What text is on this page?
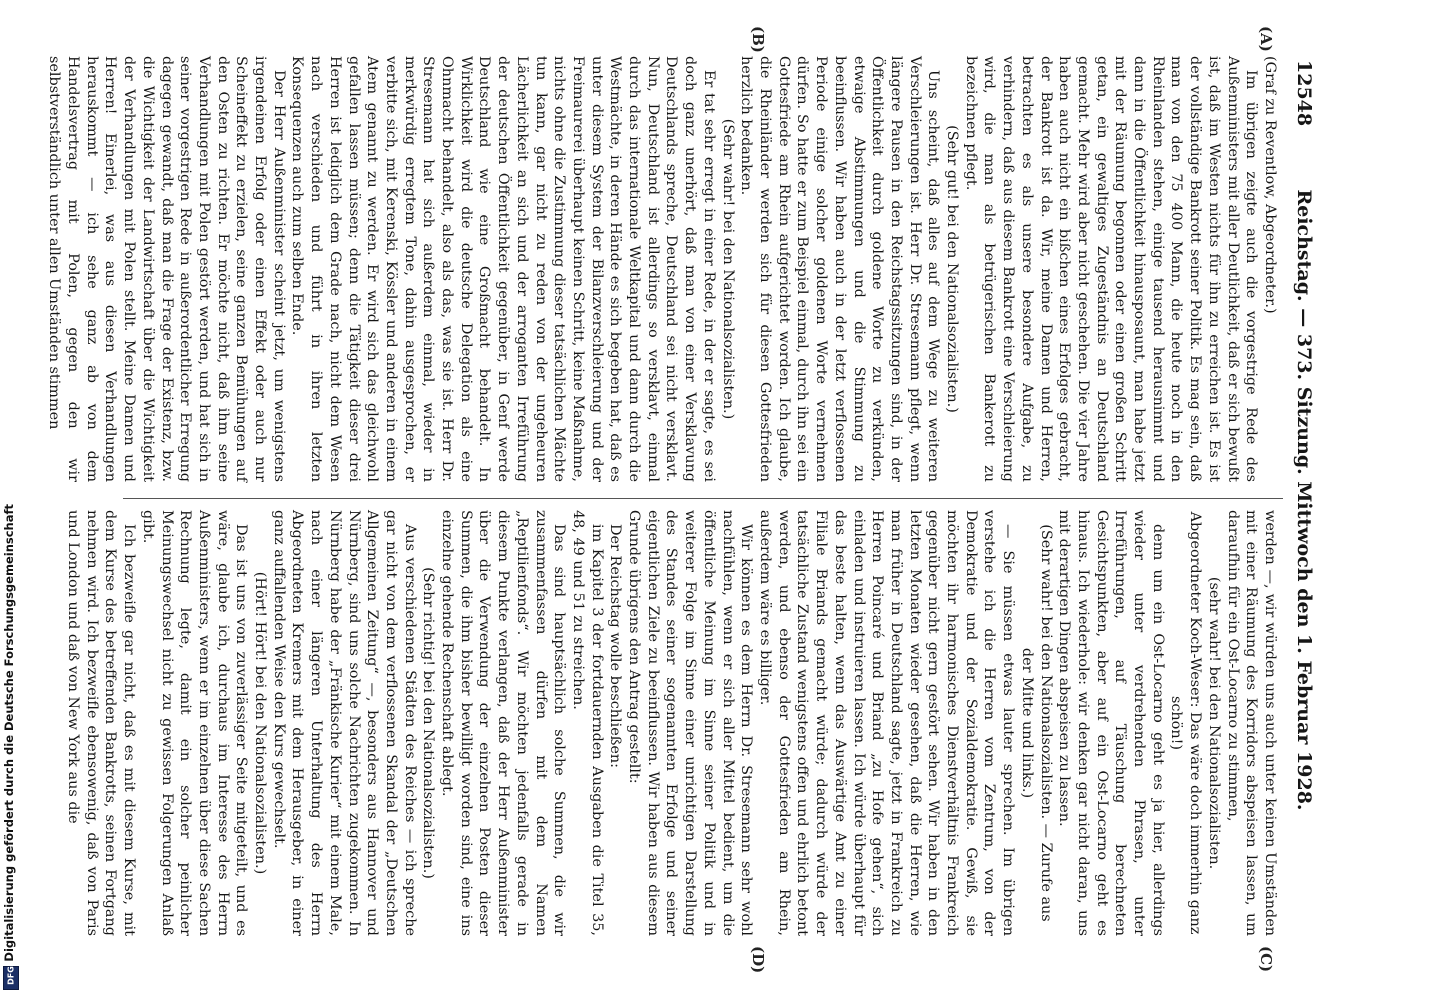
12548
Reichstag. — 373. Sitzung. Mittwoch den 1. Februar 1928.
(A)
(B)
(C)
(D)

(Graf zu Reventlow, Abgeordneter.)

Im übrigen zeigte auch die vorgestrige Rede des Außenministers mit aller Deutlichkeit, daß er sich bewußt ist, daß im Westen nichts für ihn zu erreichen ist. Es ist der vollständige Bankrott seiner Politik. Es mag sein, daß man von den 75 400 Mann, die heute noch in den Rheinlanden stehen, einige tausend herausnimmt und dann in die Öffentlichkeit hinausposaunt, man habe jetzt mit der Räumung begonnen oder einen großen Schritt getan, ein gewaltiges Zugeständnis an Deutschland gemacht. Mehr wird aber nicht geschehen. Die vier Jahre haben auch nicht ein bißchen eines Erfolges gebracht, der Bankrott ist da. Wir, meine Damen und Herren, betrachten es als unsere besondere Aufgabe, zu verhindern, daß aus diesem Bankrott eine Verschleierung wird, die man als betrügerischen Bankerott zu bezeichnen pflegt.

(Sehr gut! bei den Nationalsozialisten.)

Uns scheint, daß alles auf dem Wege zu weiteren Verschleierungen ist. Herr Dr. Stresemann pflegt, wenn längere Pausen in den Reichstagssitzungen sind, in der Öffentlichkeit durch goldene Worte zu verkünden, etwaige Abstimmungen und die Stimmung zu beeinflussen. Wir haben auch in der letzt verflossenen Periode einige solcher goldenen Worte vernehmen dürfen. So hatte er zum Beispiel einmal, durch ihn sei ein Gottesfriede am Rhein aufgerichtet worden. Ich glaube, die Rheinländer werden sich für diesen Gottesfrieden herzlich bedanken.

(Sehr wahr! bei den Nationalsozialisten.)

Er tat sehr erregt in einer Rede, in der er sagte, es sei doch ganz unerhört, daß man von einer Versklavung Deutschlands spreche, Deutschland sei nicht versklavt. Nun, Deutschland ist allerdings so versklavt, einmal durch das internationale Weltkapital und dann durch die Westmächte, in deren Hände es sich begeben hat, daß es unter diesem System der Bilanzverschleierung und der Freimaurerei überhaupt keinen Schritt, keine Maßnahme, nichts ohne die Zustimmung dieser tatsächlichen Mächte tun kann, gar nicht zu reden von der ungeheuren Lächerlichkeit an sich und der arroganten Irreführung der deutschen Öffentlichkeit gegenüber, in Genf werde Deutschland wie eine Großmacht behandelt. In Wirklichkeit wird die deutsche Delegation als eine Ohnmacht behandelt, also als das, was sie ist. Herr Dr. Stresemann hat sich außerdem einmal, wieder in merkwürdig erregtem Tone, dahin ausgesprochen, er verbitte sich, mit Kerenski, Kössler und anderen in einem Atem genannt zu werden. Er wird sich das gleichwohl gefallen lassen müssen; denn die Tätigkeit dieser drei Herren ist lediglich dem Grade nach, nicht dem Wesen nach verschieden und führt in ihren letzten Konsequenzen auch zum selben Ende.

Der Herr Außenminister scheint jetzt, um wenigstens irgendeinen Erfolg oder einen Effekt oder auch nur Scheineffekt zu erzielen, seine ganzen Bemühungen auf den Osten zu richten. Er möchte nicht, daß ihm seine Verhandlungen mit Polen gestört werden, und hat sich in seiner vorgestrigen Rede in außerordentlicher Erregung dagegen gewandt, daß man die Frage der Existenz, bzw. die Wichtigkeit der Landwirtschaft über die Wichtigkeit der Verhandlungen mit Polen stellt. Meine Damen und Herren! Einerlei, was aus diesen Verhandlungen herauskommt — ich sehe ganz ab von dem Handelsvertrag mit Polen, gegen den wir selbstverständlich unter allen Umständen stimmen

werden —, wir würden uns auch unter keinen Umständen mit einer Räumung des Korridors abspeisen lassen, um daraufhin für ein Ost-Locarno zu stimmen,

(sehr wahr! bei den Nationalsozialisten.

Abgeordneter Koch-Weser: Das wäre doch immerhin ganz schön!)

denn um ein Ost-Locarno geht es ja hier, allerdings wieder unter verdrehenden Phrasen, unter Irreführungen, auf Täuschung berechneten Gesichtspunkten, aber auf ein Ost-Locarno geht es hinaus. Ich wiederhole: wir denken gar nicht daran, uns mit derartigen Dingen abspeisen zu lassen.

(Sehr wahr! bei den Nationalsozialisten. — Zurufe aus der Mitte und links.)

— Sie müssen etwas lauter sprechen. Im übrigen verstehe ich die Herren vom Zentrum, von der Demokratie und der Sozialdemokratie. Gewiß, sie möchten ihr harmonisches Dienstverhältnis Frankreich gegenüber nicht gern gestört sehen. Wir haben in den letzten Monaten wieder gesehen, daß die Herren, wie man früher in Deutschland sagte, jetzt in Frankreich zu Herren Poincaré und Briand „zu Hofe gehen“, sich einladen und instruieren lassen. Ich würde überhaupt für das beste halten, wenn das Auswärtige Amt zu einer Filiale Briands gemacht würde; dadurch würde der tatsächliche Zustand wenigstens offen und ehrlich betont werden, und ebenso der Gottesfrieden am Rhein, außerdem wäre es billiger.

Wir können es dem Herrn Dr. Stresemann sehr wohl nachfühlen, wenn er sich aller Mittel bedient, um die öffentliche Meinung im Sinne seiner Politik und in weiterer Folge im Sinne einer unrichtigen Darstellung des Standes seiner sogenannten Erfolge und seiner eigentlichen Ziele zu beeinflussen. Wir haben aus diesem Grunde übrigens den Antrag gestellt:

Der Reichstag wolle beschließen:

im Kapitel 3 der fortdauernden Ausgaben die Titel 35, 48, 49 und 51 zu streichen.

Das sind hauptsächlich solche Summen, die wir zusammenfassen dürfen mit dem Namen „Reptilienfonds“. Wir möchten jedenfalls gerade in diesem Punkte verlangen, daß der Herr Außenminister über die Verwendung der einzelnen Posten dieser Summen, die ihm bisher bewilligt worden sind, eine ins einzelne gehende Rechenschaft ablegt.

(Sehr richtig! bei den Nationalsozialisten.)

Aus verschiedenen Städten des Reiches — ich spreche gar nicht von dem verflossenen Skandal der „Deutschen Allgemeinen Zeitung“ —, besonders aus Hannover und Nürnberg, sind uns solche Nachrichten zugekommen. In Nürnberg habe der „Fränkische Kurier“ mit einem Male, nach einer längeren Unterhaltung des Herrn Abgeordneten Kremers mit dem Herausgeber, in einer ganz auffallenden Weise den Kurs gewechselt.

(Hört! Hört! bei den Nationalsozialisten.)

Das ist uns von zuverlässiger Seite mitgeteilt, und es wäre, glaube ich, durchaus im Interesse des Herrn Außenministers, wenn er im einzelnen über diese Sachen Rechnung legte, damit ein solcher peinlicher Meinungswechsel nicht zu gewissen Folgerungen Anlaß gibt.

Ich bezweifle gar nicht, daß es mit diesem Kurse, mit dem Kurse des betreffenden Bankrotts, seinen Fortgang nehmen wird. Ich bezweifle ebensowenig, daß von Paris und London und daß von New York aus die

Digitalisierung gefördert durch die Deutsche Forschungsgemeinschaft
DFG
